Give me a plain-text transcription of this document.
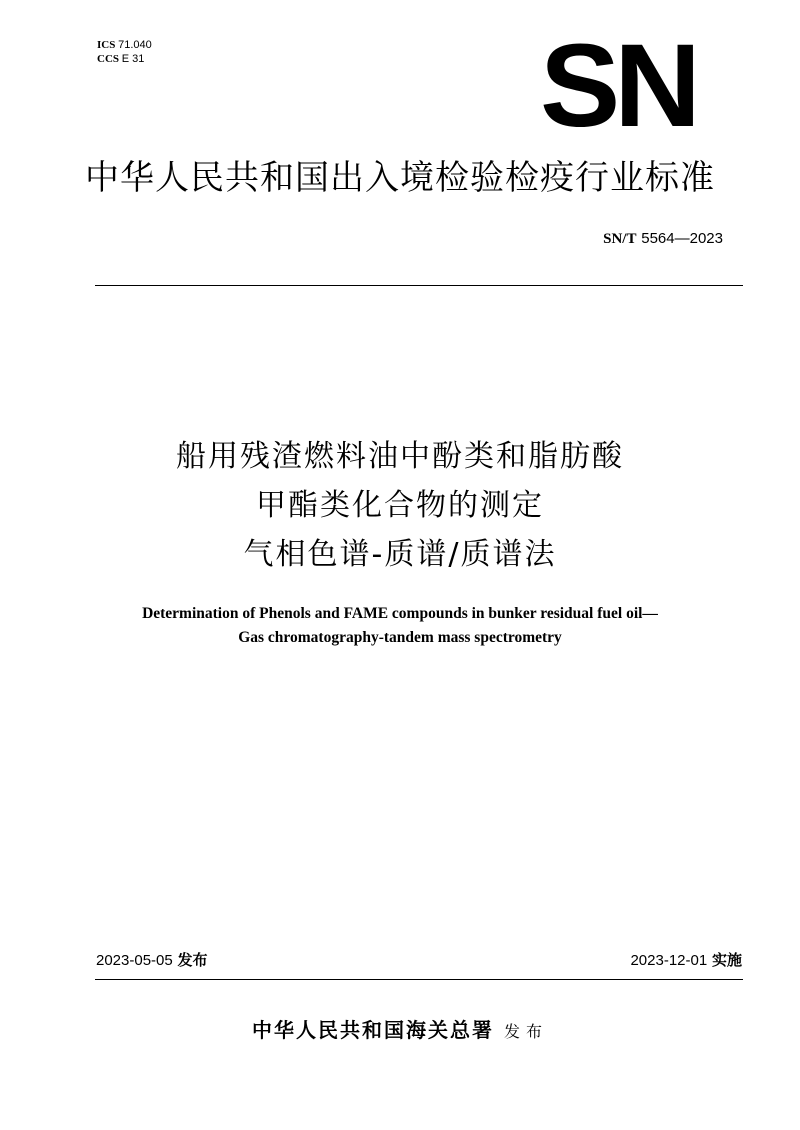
ICS 71.040
CCS E 31	SN
中华人民共和国出入境检验检疫行业标准
SN/T 5564—2023
船用残渣燃料油中酚类和脂肪酸
甲酯类化合物的测定
气相色谱-质谱/质谱法
Determination of Phenols and FAME compounds in bunker residual fuel oil—
Gas chromatography-tandem mass spectrometry
2023-05-05 发布	2023-12-01 实施
中华人民共和国海关总署 发布
